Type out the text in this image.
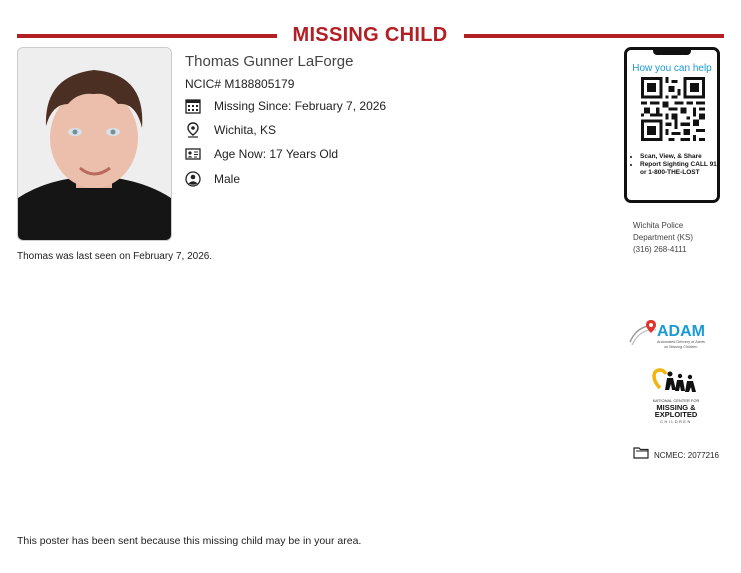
MISSING CHILD
Thomas Gunner LaForge
NCIC# M188805179
Missing Since: February 7, 2026
Wichita, KS
Age Now: 17 Years Old
Male
Thomas was last seen on February 7, 2026.
How you can help
• Scan, View, & Share
• Report Sighting CALL 911 or 1-800-THE-LOST
Wichita Police
Department (KS)
(316) 268-4111
ADAM
Automated Delivery of Alerts
on Missing Children
NATIONAL CENTER FOR
MISSING &
EXPLOITED
CHILDREN
NCMEC: 2077216
This poster has been sent because this missing child may be in your area.
